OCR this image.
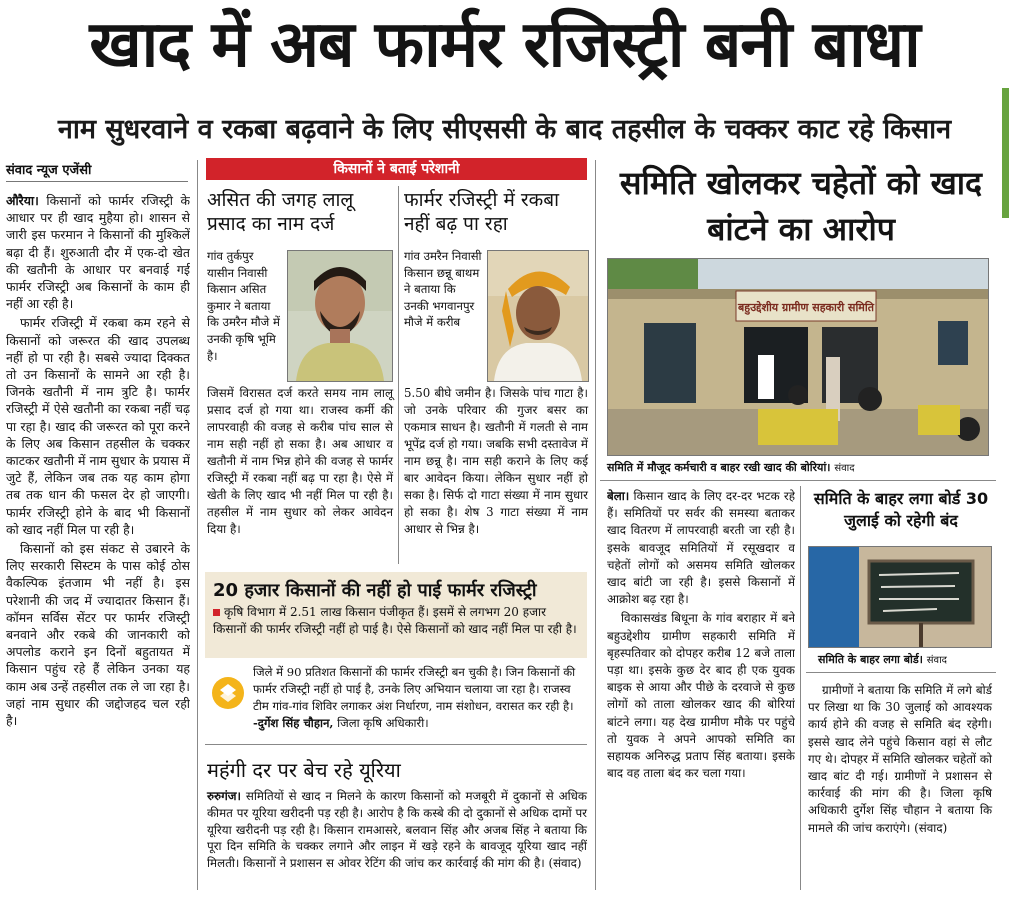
खाद में अब फार्मर रजिस्ट्री बनी बाधा
नाम सुधरवाने व रकबा बढ़वाने के लिए सीएससी के बाद तहसील के चक्कर काट रहे किसान
संवाद न्यूज एजेंसी

औरैया। किसानों को फार्मर रजिस्ट्री के आधार पर ही खाद मुहैया हो। शासन से जारी इस फरमान ने किसानों की मुश्किलें बढ़ा दी हैं। शुरुआती दौर में एक-दो खेत की खतौनी के आधार पर बनवाई गई फार्मर रजिस्ट्री अब किसानों के काम ही नहीं आ रही है।

फार्मर रजिस्ट्री में रकबा कम रहने से किसानों को जरूरत की खाद उपलब्ध नहीं हो पा रही है। सबसे ज्यादा दिक्कत तो उन किसानों के सामने आ रही है। जिनके खतौनी में नाम त्रुटि है। फार्मर रजिस्ट्री में ऐसे खतौनी का रकबा नहीं चढ़ पा रहा है। खाद की जरूरत को पूरा करने के लिए अब किसान तहसील के चक्कर काटकर खतौनी में नाम सुधार के प्रयास में जुटे हैं, लेकिन जब तक यह काम होगा तब तक धान की फसल देर हो जाएगी। फार्मर रजिस्ट्री होने के बाद भी किसानों को खाद नहीं मिल पा रही है।

किसानों को इस संकट से उबारने के लिए सरकारी सिस्टम के पास कोई ठोस वैकल्पिक इंतजाम भी नहीं है। इस परेशानी की जद में ज्यादातर किसान हैं। कॉमन सर्विस सेंटर पर फार्मर रजिस्ट्री बनवाने और रकबे की जानकारी को अपलोड कराने इन दिनों बहुतायत में किसान पहुंच रहे हैं लेकिन उनका यह काम अब उन्हें तहसील तक ले जा रहा है। जहां नाम सुधार की जद्दोजहद चल रही है।

किसानों ने बताई परेशानी
असित की जगह लालू प्रसाद का नाम दर्ज
गांव तुर्कपुर यासीन निवासी किसान असित कुमार ने बताया कि उमरैन मौजे में उनकी कृषि भूमि है।
जिसमें विरासत दर्ज करते समय नाम लालू प्रसाद दर्ज हो गया था। राजस्व कर्मी की लापरवाही की वजह से करीब पांच साल से नाम सही नहीं हो सका है। अब आधार व खतौनी में नाम भिन्न होने की वजह से फार्मर रजिस्ट्री में रकबा नहीं बढ़ पा रहा है। ऐसे में खेती के लिए खाद भी नहीं मिल पा रही है। तहसील में नाम सुधार को लेकर आवेदन दिया है।
फार्मर रजिस्ट्री में रकबा नहीं बढ़ पा रहा
गांव उमरैन निवासी किसान छन्नू बाथम ने बताया कि उनकी भगवानपुर मौजे में करीब
5.50 बीघे जमीन है। जिसके पांच गाटा है। जो उनके परिवार की गुजर बसर का एकमात्र साधन है। खतौनी में गलती से नाम भूपेंद्र दर्ज हो गया। जबकि सभी दस्तावेज में नाम छन्नू है। नाम सही कराने के लिए कई बार आवेदन किया। लेकिन सुधार नहीं हो सका है। सिर्फ दो गाटा संख्या में नाम सुधार हो सका है। शेष 3 गाटा संख्या में नाम आधार से भिन्न है।
20 हजार किसानों की नहीं हो पाई फार्मर रजिस्ट्री
कृषि विभाग में 2.51 लाख किसान पंजीकृत हैं। इसमें से लगभग 20 हजार किसानों की फार्मर रजिस्ट्री नहीं हो पाई है। ऐसे किसानों को खाद नहीं मिल पा रही है।
जिले में 90 प्रतिशत किसानों की फार्मर रजिस्ट्री बन चुकी है। जिन किसानों की फार्मर रजिस्ट्री नहीं हो पाई है, उनके लिए अभियान चलाया जा रहा है। राजस्व टीम गांव-गांव शिविर लगाकर अंश निर्धारण, नाम संशोधन, वरासत कर रही है। -दुर्गेश सिंह चौहान, जिला कृषि अधिकारी।
महंगी दर पर बेच रहे यूरिया
रुरुगंज। समितियों से खाद न मिलने के कारण किसानों को मजबूरी में दुकानों से अधिक कीमत पर यूरिया खरीदनी पड़ रही है। आरोप है कि कस्बे की दो दुकानों से अधिक दामों पर यूरिया खरीदनी पड़ रही है। किसान रामआसरे, बलवान सिंह और अजब सिंह ने बताया कि पूरा दिन समिति के चक्कर लगाने और लाइन में खड़े रहने के बावजूद यूरिया खाद नहीं मिलती। किसानों ने प्रशासन स ओवर रेटिंग की जांच कर कार्रवाई की मांग की है। (संवाद)
समिति खोलकर चहेतों को खाद बांटने का आरोप
बहुउद्देशीय ग्रामीण सहकारी समिति
समिति में मौजूद कर्मचारी व बाहर रखी खाद की बोरियां। संवाद

बेला। किसान खाद के लिए दर-दर भटक रहे हैं। समितियों पर सर्वर की समस्या बताकर खाद वितरण में लापरवाही बरती जा रही है। इसके बावजूद समितियों में रसूखदार व चहेतों लोगों को असमय समिति खोलकर खाद बांटी जा रही है। इससे किसानों में आक्रोश बढ़ रहा है।

विकासखंड बिधूना के गांव बराहार में बने बहुउद्देशीय ग्रामीण सहकारी समिति में बृहस्पतिवार को दोपहर करीब 12 बजे ताला पड़ा था। इसके कुछ देर बाद ही एक युवक बाइक से आया और पीछे के दरवाजे से कुछ लोगों को ताला खोलकर खाद की बोरियां बांटने लगा। यह देख ग्रामीण मौके पर पहुंचे तो युवक ने अपने आपको समिति का सहायक अनिरुद्ध प्रताप सिंह बताया। इसके बाद वह ताला बंद कर चला गया।

समिति के बाहर लगा बोर्ड 30 जुलाई को रहेगी बंद
समिति के बाहर लगा बोर्ड। संवाद
ग्रामीणों ने बताया कि समिति में लगे बोर्ड पर लिखा था कि 30 जुलाई को आवश्यक कार्य होने की वजह से समिति बंद रहेगी। इससे खाद लेने पहुंचे किसान वहां से लौट गए थे। दोपहर में समिति खोलकर चहेतों को खाद बांट दी गई। ग्रामीणों ने प्रशासन से कार्रवाई की मांग की है। जिला कृषि अधिकारी दुर्गेश सिंह चौहान ने बताया कि मामले की जांच कराएंगे। (संवाद)
